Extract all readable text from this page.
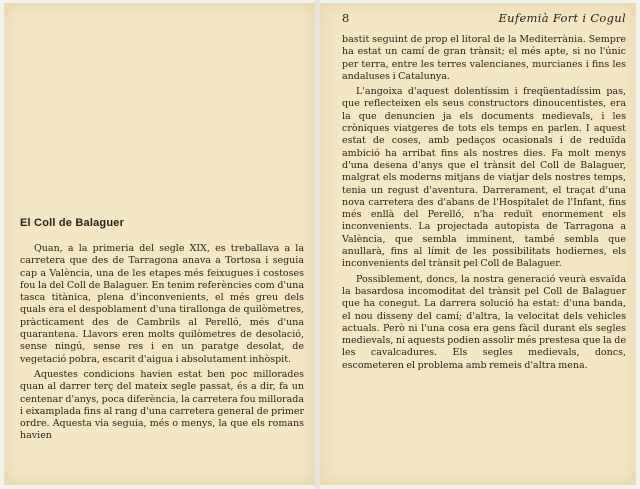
El Coll de Balaguer

Quan, a la primeria del segle XIX, es treballava a la carretera que des de Tarragona anava a Tortosa i seguia cap a València, una de les etapes més feixugues i costoses fou la del Coll de Balaguer. En tenim referències com d'una tasca titànica, plena d'inconvenients, el més greu dels quals era el despoblament d'una tirallonga de quilòmetres, pràcticament des de Cambrils al Perelló, més d'una quarantena. Llavors eren molts quilòmetres de desolació, sense ningú, sense res i en un paratge desolat, de vegetació pobra, escarit d'aigua i absolutament inhòspit.

Aquestes condicions havien estat ben poc millorades quan al darrer terç del mateix segle passat, és a dir, fa un centenar d'anys, poca diferència, la carretera fou millorada i eixamplada fins al rang d'una carretera general de primer ordre. Aquesta via seguia, més o menys, la que els romans havien

8	Eufemià Fort i Cogul

bastit seguint de prop el litoral de la Mediterrània. Sempre ha estat un camí de gran trànsit; el més apte, si no l'únic per terra, entre les terres valencianes, murcianes i fins les andaluses i Catalunya.

L'angoixa d'aquest dolentíssim i freqüentadíssim pas, que reflecteixen els seus constructors dinoucentistes, era la que denuncien ja els documents medievals, i les cròniques viatgeres de tots els temps en parlen. I aquest estat de coses, amb pedaços ocasionals i de reduïda ambició ha arribat fins als nostres dies. Fa molt menys d'una desena d'anys que el trànsit del Coll de Balaguer, malgrat els moderns mitjans de viatjar dels nostres temps, tenia un regust d'aventura. Darrerament, el traçat d'una nova carretera des d'abans de l'Hospitalet de l'Infant, fins més enllà del Perelló, n'ha reduït enormement els inconvenients. La projectada autopista de Tarragona a València, que sembla imminent, també sembla que anullarà, fins al límit de les possibilitats hodiernes, els inconvenients del trànsit pel Coll de Balaguer.

Possiblement, doncs, la nostra generació veurà esvaïda la basardosa incomoditat del trànsit pel Coll de Balaguer que ha conegut. La darrera solució ha estat: d'una banda, el nou disseny del camí; d'altra, la velocitat dels vehicles actuals. Però ni l'una cosa era gens fàcil durant els segles medievals, ni aquests podien assolir més prestesa que la de les cavalcadures. Els segles medievals, doncs, escometeren el problema amb remeis d'altra mena.
